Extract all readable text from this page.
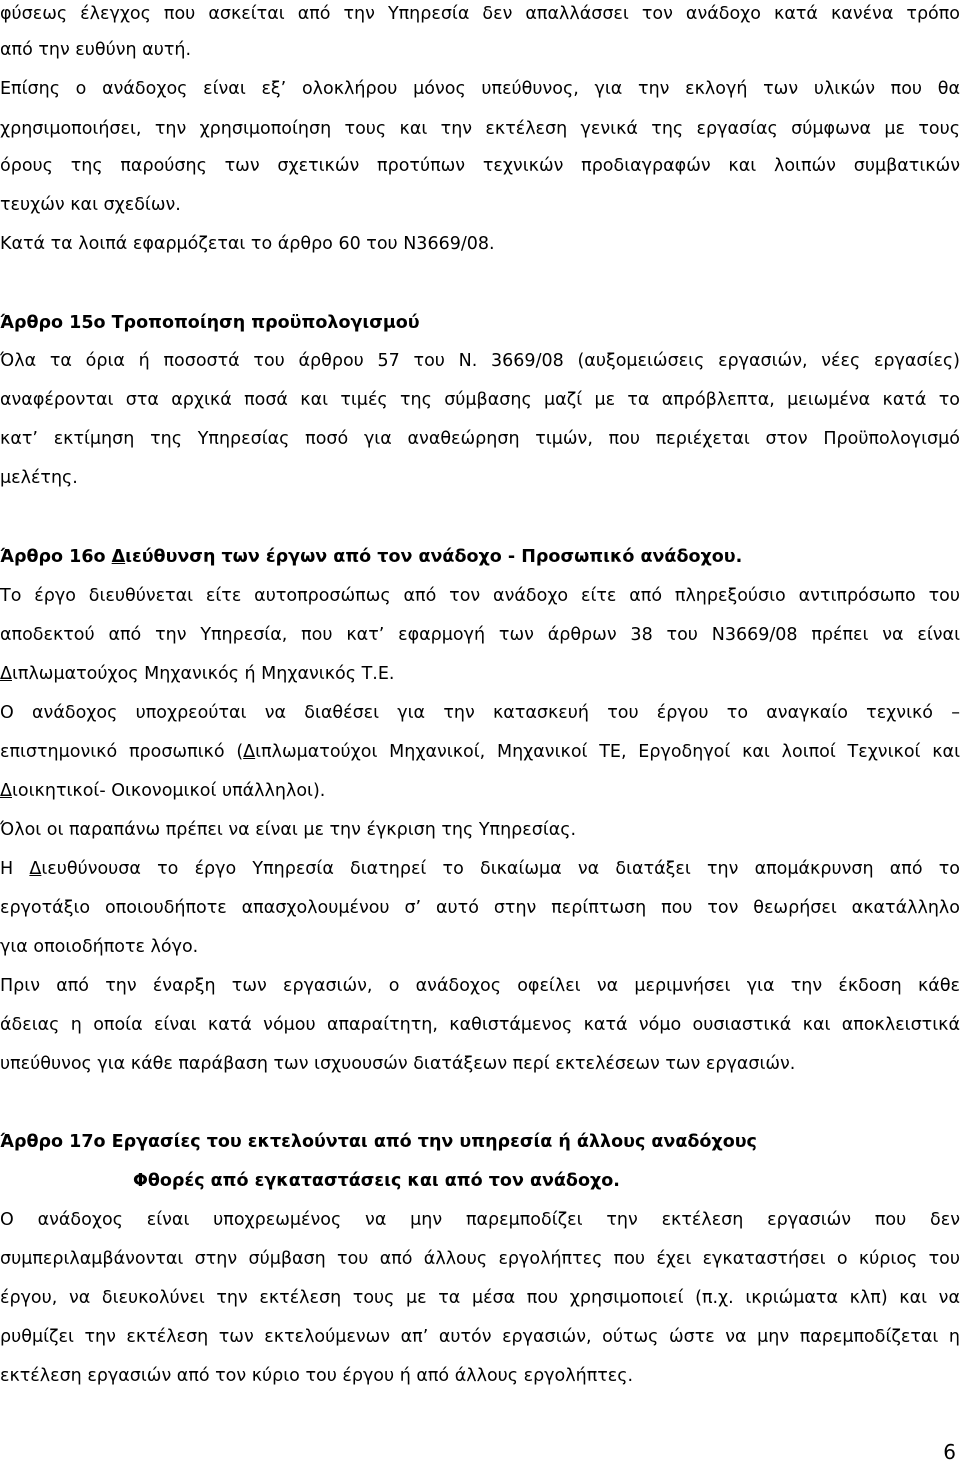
φύσεως έλεγχος που ασκείται από την Υπηρεσία δεν απαλλάσσει τον ανάδοχο κατά κανένα τρόπο

από την ευθύνη αυτή.

Επίσης ο ανάδοχος είναι εξ’ ολοκλήρου μόνος υπεύθυνος, για την εκλογή των υλικών που θα

χρησιμοποιήσει, την χρησιμοποίηση τους και την εκτέλεση γενικά της εργασίας σύμφωνα με τους

όρους της παρούσης των σχετικών προτύπων τεχνικών προδιαγραφών και λοιπών συμβατικών

τευχών και σχεδίων.

Κατά τα λοιπά εφαρμόζεται το άρθρο 60 του Ν3669/08.

Άρθρο 15ο Τροποποίηση προϋπολογισμού

Όλα τα όρια ή ποσοστά του άρθρου 57 του Ν. 3669/08 (αυξομειώσεις εργασιών, νέες εργασίες)

αναφέρονται στα αρχικά ποσά και τιμές της σύμβασης μαζί με τα απρόβλεπτα, μειωμένα κατά το

κατ’ εκτίμηση της Υπηρεσίας ποσό για αναθεώρηση τιμών, που περιέχεται στον Προϋπολογισμό

μελέτης.

Άρθρο 16ο Διεύθυνση των έργων από τον ανάδοχο - Προσωπικό ανάδοχου.

Το έργο διευθύνεται είτε αυτοπροσώπως από τον ανάδοχο είτε από πληρεξούσιο αντιπρόσωπο του

αποδεκτού από την Υπηρεσία, που κατ’ εφαρμογή των άρθρων 38 του Ν3669/08 πρέπει να είναι

Διπλωματούχος Μηχανικός ή Μηχανικός Τ.Ε.

Ο ανάδοχος υποχρεούται να διαθέσει για την κατασκευή του έργου το αναγκαίο τεχνικό –

επιστημονικό προσωπικό (Διπλωματούχοι Μηχανικοί, Μηχανικοί ΤΕ, Εργοδηγοί και λοιποί Τεχνικοί και

Διοικητικοί- Οικονομικοί υπάλληλοι).

Όλοι οι παραπάνω πρέπει να είναι με την έγκριση της Υπηρεσίας.

Η Διευθύνουσα το έργο Υπηρεσία διατηρεί το δικαίωμα να διατάξει την απομάκρυνση από το

εργοτάξιο οποιουδήποτε απασχολουμένου σ’ αυτό στην περίπτωση που τον θεωρήσει ακατάλληλο

για οποιοδήποτε λόγο.

Πριν από την έναρξη των εργασιών, ο ανάδοχος οφείλει να μεριμνήσει για την έκδοση κάθε

άδειας η οποία είναι κατά νόμου απαραίτητη, καθιστάμενος κατά νόμο ουσιαστικά και αποκλειστικά

υπεύθυνος για κάθε παράβαση των ισχυουσών διατάξεων περί εκτελέσεων των εργασιών.

Άρθρο 17ο Εργασίες του εκτελούνται από την υπηρεσία ή άλλους αναδόχους

Φθορές από εγκαταστάσεις και από τον ανάδοχο.

Ο ανάδοχος είναι υποχρεωμένος να μην παρεμποδίζει την εκτέλεση εργασιών που δεν

συμπεριλαμβάνονται στην σύμβαση του από άλλους εργολήπτες που έχει εγκαταστήσει ο κύριος του

έργου, να διευκολύνει την εκτέλεση τους με τα μέσα που χρησιμοποιεί (π.χ. ικριώματα κλπ) και να

ρυθμίζει την εκτέλεση των εκτελούμενων απ’ αυτόν εργασιών, ούτως ώστε να μην παρεμποδίζεται η

εκτέλεση εργασιών από τον κύριο του έργου ή από άλλους εργολήπτες.

6
